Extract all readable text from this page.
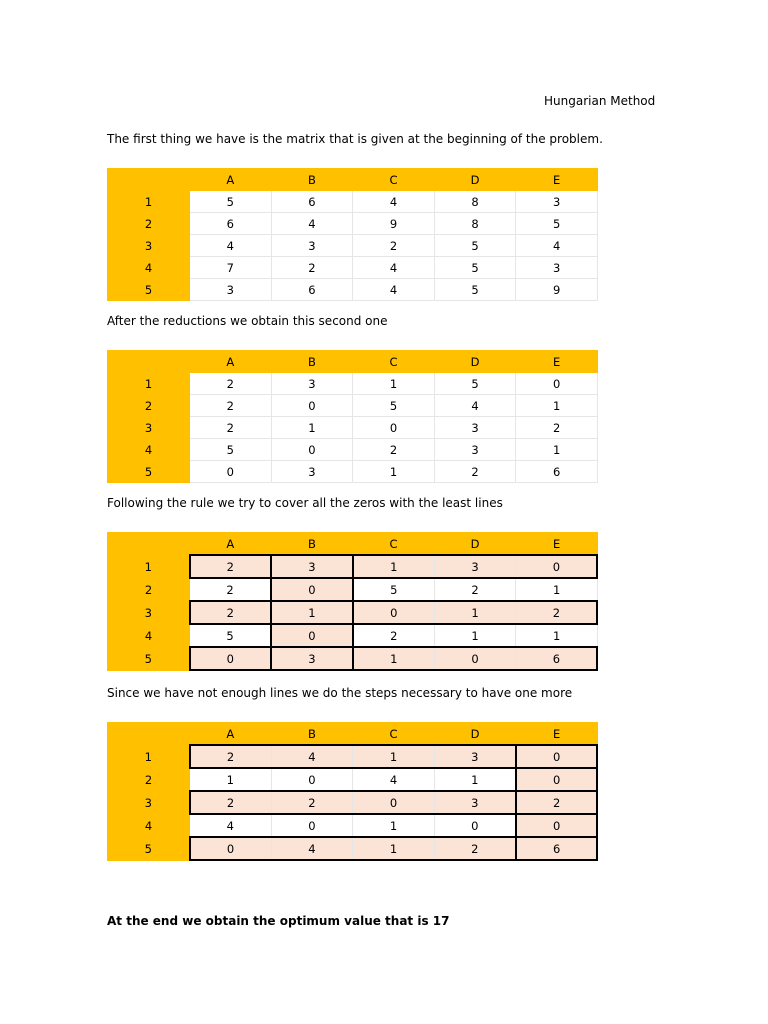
Hungarian Method
The first thing we have is the matrix that is given at the beginning of the problem.
	A	B	C	D	E
1	5	6	4	8	3
2	6	4	9	8	5
3	4	3	2	5	4
4	7	2	4	5	3
5	3	6	4	5	9
After the reductions we obtain this second one
	A	B	C	D	E
1	2	3	1	5	0
2	2	0	5	4	1
3	2	1	0	3	2
4	5	0	2	3	1
5	0	3	1	2	6
Following the rule we try to cover all the zeros with the least lines
	A	B	C	D	E
1	2	3	1	3	0
2	2	0	5	2	1
3	2	1	0	1	2
4	5	0	2	1	1
5	0	3	1	0	6
Since we have not enough lines we do the steps necessary to have one more
	A	B	C	D	E
1	2	4	1	3	0
2	1	0	4	1	0
3	2	2	0	3	2
4	4	0	1	0	0
5	0	4	1	2	6
At the end we obtain the optimum value that is 17
